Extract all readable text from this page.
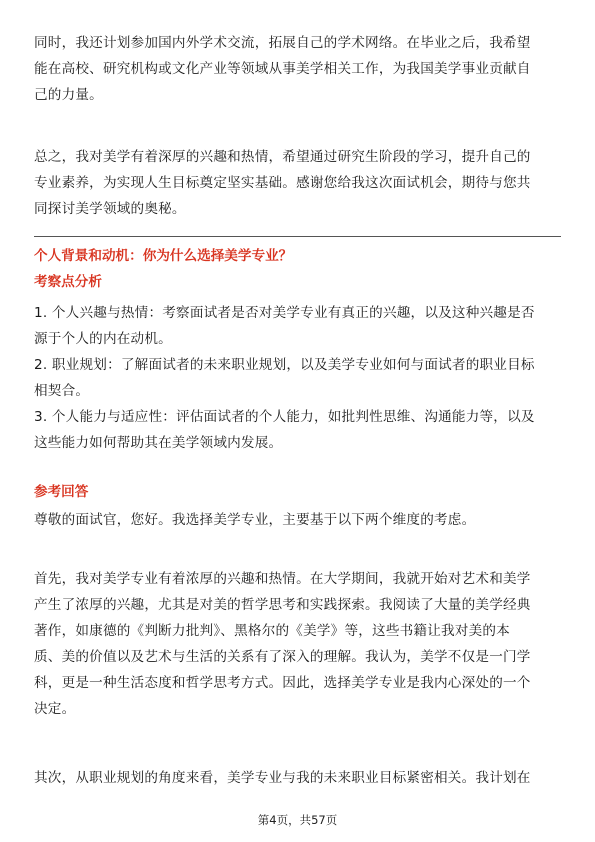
同时，我还计划参加国内外学术交流，拓展自己的学术网络。在毕业之后，我希望
能在高校、研究机构或文化产业等领域从事美学相关工作，为我国美学事业贡献自
己的力量。

总之，我对美学有着深厚的兴趣和热情，希望通过研究生阶段的学习，提升自己的
专业素养，为实现人生目标奠定坚实基础。感谢您给我这次面试机会，期待与您共
同探讨美学领域的奥秘。

个人背景和动机：你为什么选择美学专业？

考察点分析

1. 个人兴趣与热情：考察面试者是否对美学专业有真正的兴趣，以及这种兴趣是否
源于个人的内在动机。

2. 职业规划：了解面试者的未来职业规划，以及美学专业如何与面试者的职业目标
相契合。

3. 个人能力与适应性：评估面试者的个人能力，如批判性思维、沟通能力等，以及
这些能力如何帮助其在美学领域内发展。

参考回答

尊敬的面试官，您好。我选择美学专业，主要基于以下两个维度的考虑。

首先，我对美学专业有着浓厚的兴趣和热情。在大学期间，我就开始对艺术和美学
产生了浓厚的兴趣，尤其是对美的哲学思考和实践探索。我阅读了大量的美学经典
著作，如康德的《判断力批判》、黑格尔的《美学》等，这些书籍让我对美的本
质、美的价值以及艺术与生活的关系有了深入的理解。我认为，美学不仅是一门学
科，更是一种生活态度和哲学思考方式。因此，选择美学专业是我内心深处的一个
决定。

其次，从职业规划的角度来看，美学专业与我的未来职业目标紧密相关。我计划在

第4页，共57页
